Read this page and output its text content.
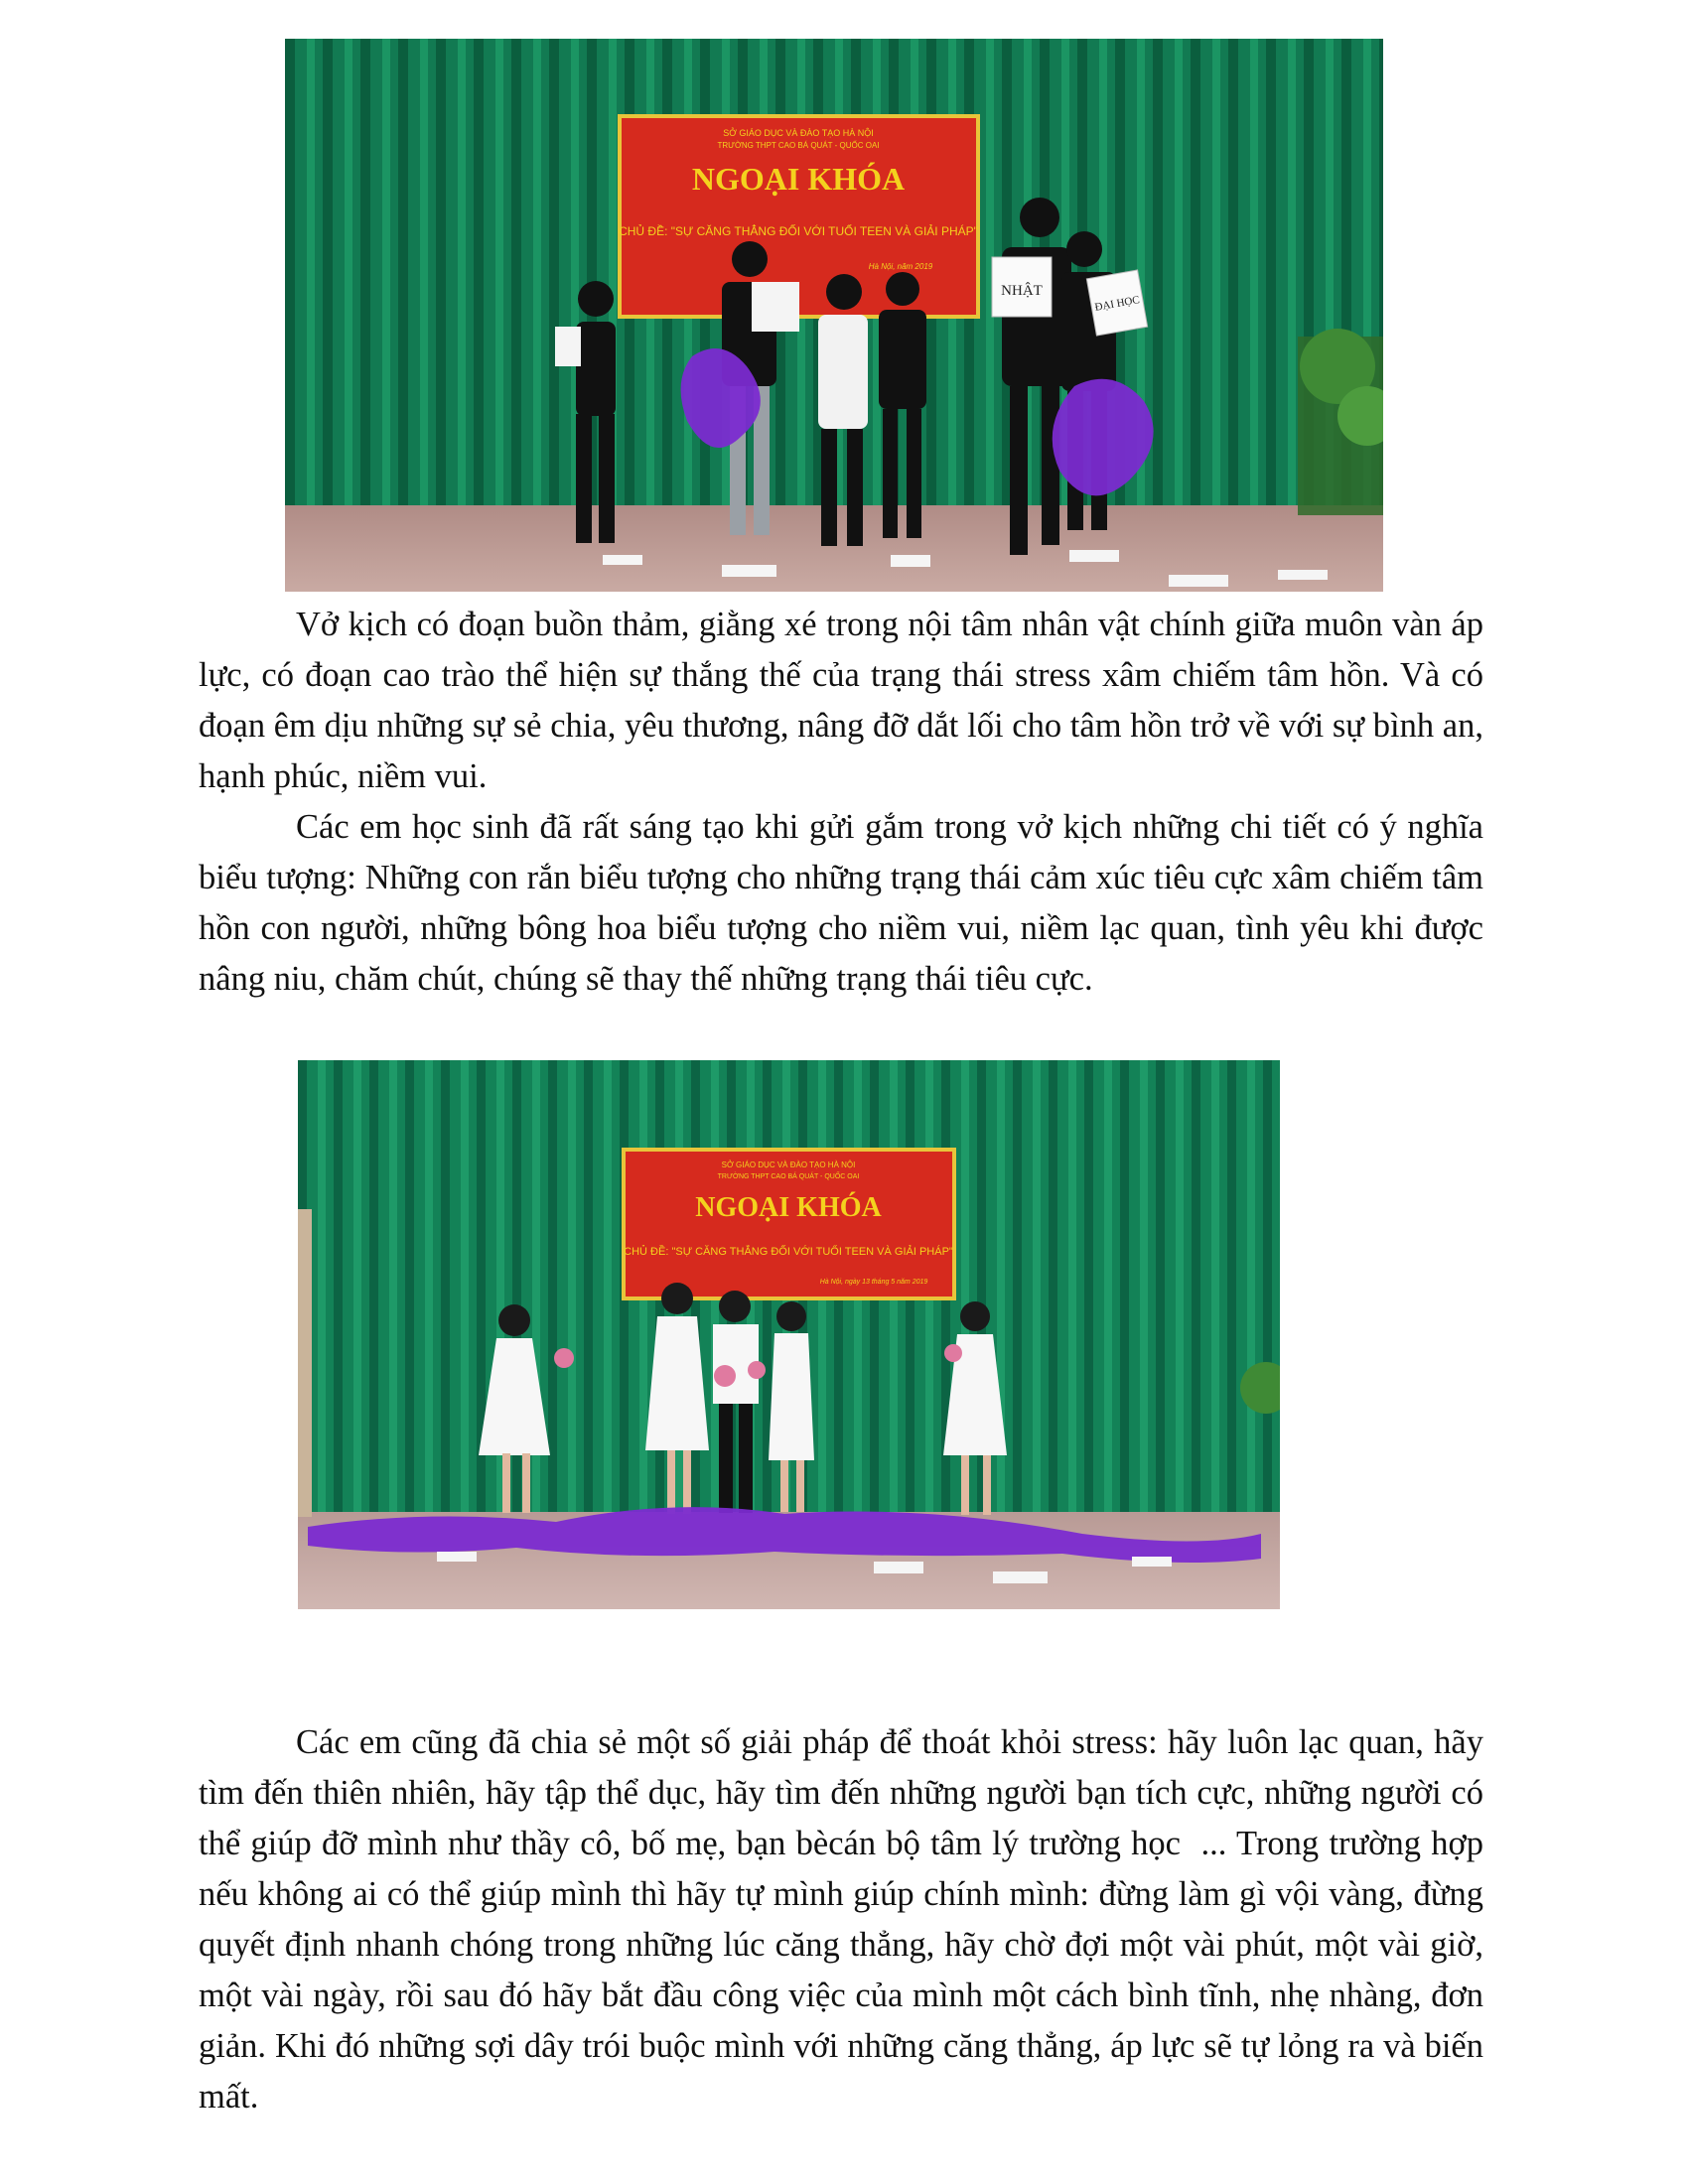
SỞ GIÁO DỤC VÀ ĐÀO TẠO HÀ NỘI
TRƯỜNG THPT CAO BÁ QUÁT - QUỐC OAI
NGOẠI KHÓA
CHỦ ĐỀ: "SỰ CĂNG THẲNG ĐỐI VỚI TUỔI TEEN VÀ GIẢI PHÁP"
Hà Nội, năm 2019
NHẬT
ĐẠI HỌC

Vở kịch có đoạn buồn thảm, giằng xé trong nội tâm nhân vật chính giữa muôn vàn áp lực, có đoạn cao trào thể hiện sự thắng thế của trạng thái stress xâm chiếm tâm hồn. Và có đoạn êm dịu những sự sẻ chia, yêu thương, nâng đỡ dắt lối cho tâm hồn trở về với sự bình an, hạnh phúc, niềm vui.

Các em học sinh đã rất sáng tạo khi gửi gắm trong vở kịch những chi tiết có ý nghĩa biểu tượng: Những con rắn biểu tượng cho những trạng thái cảm xúc tiêu cực xâm chiếm tâm hồn con người, những bông hoa biểu tượng cho niềm vui, niềm lạc quan, tình yêu khi được nâng niu, chăm chút, chúng sẽ thay thế những trạng thái tiêu cực.

SỞ GIÁO DỤC VÀ ĐÀO TẠO HÀ NỘI
TRƯỜNG THPT CAO BÁ QUÁT - QUỐC OAI
NGOẠI KHÓA
CHỦ ĐỀ: "SỰ CĂNG THẲNG ĐỐI VỚI TUỔI TEEN VÀ GIẢI PHÁP"
Hà Nội, ngày 13 tháng 5 năm 2019

Các em cũng đã chia sẻ một số giải pháp để thoát khỏi stress: hãy luôn lạc quan, hãy tìm đến thiên nhiên, hãy tập thể dục, hãy tìm đến những người bạn tích cực, những người có thể giúp đỡ mình như thầy cô, bố mẹ, bạn bècán bộ tâm lý trường học ... Trong trường hợp nếu không ai có thể giúp mình thì hãy tự mình giúp chính mình: đừng làm gì vội vàng, đừng quyết định nhanh chóng trong những lúc căng thẳng, hãy chờ đợi một vài phút, một vài giờ, một vài ngày, rồi sau đó hãy bắt đầu công việc của mình một cách bình tĩnh, nhẹ nhàng, đơn giản. Khi đó những sợi dây trói buộc mình với những căng thẳng, áp lực sẽ tự lỏng ra và biến mất.
